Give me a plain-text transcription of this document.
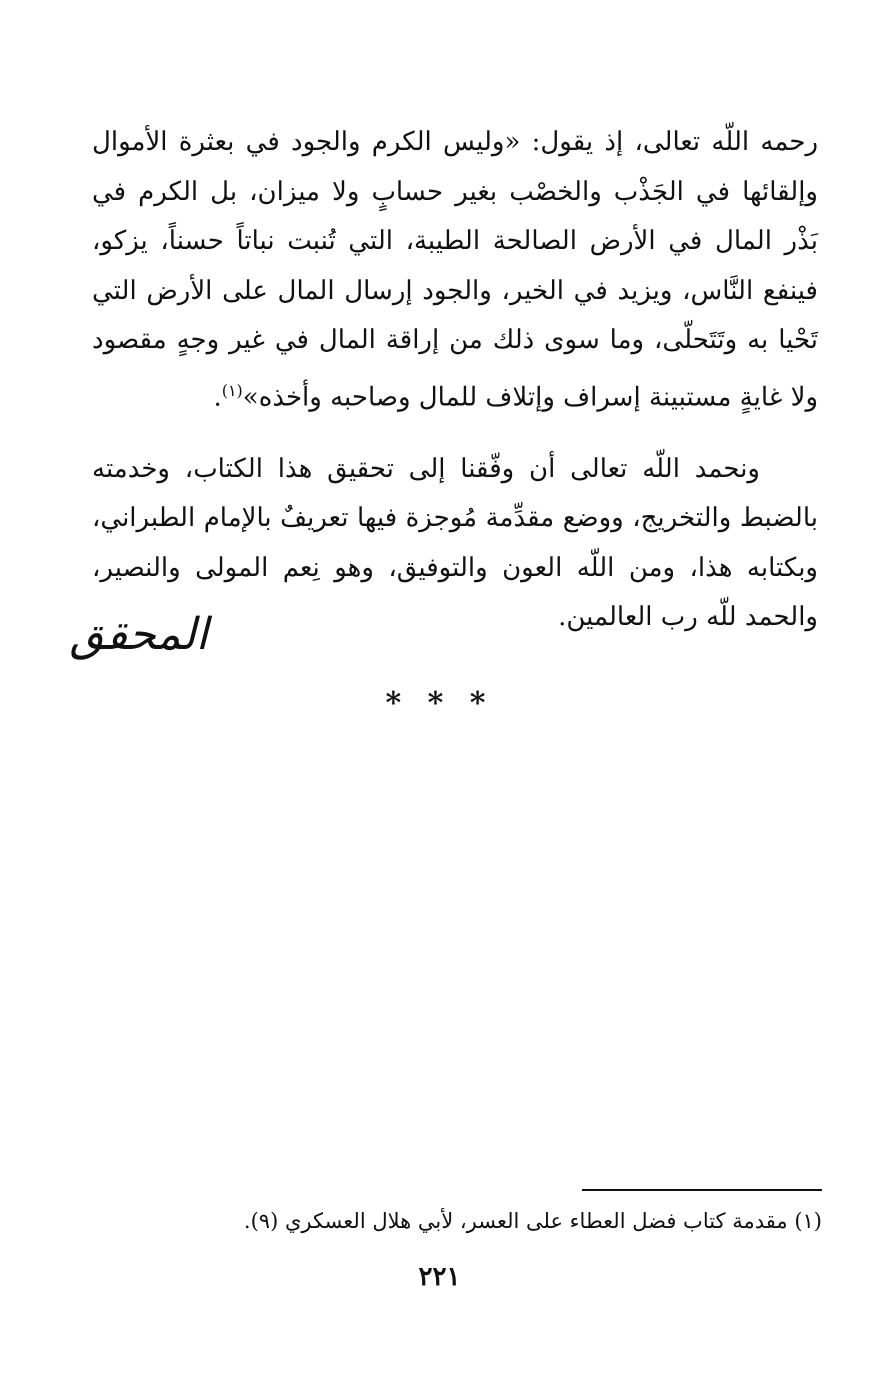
رحمه اللّه تعالى، إذ يقول: «وليس الكرم والجود في بعثرة الأموال وإلقائها في الجَذْب والخصْب بغير حسابٍ ولا ميزان، بل الكرم في بَذْر المال في الأرض الصالحة الطيبة، التي تُنبت نباتاً حسناً، يزكو، فينفع النَّاس، ويزيد في الخير، والجود إرسال المال على الأرض التي تَحْيا به وتَتَحلّى، وما سوى ذلك من إراقة المال في غير وجهٍ مقصود ولا غايةٍ مستبينة إسراف وإتلاف للمال وصاحبه وأخذه»$^{(١)}$.

ونحمد اللّه تعالى أن وفّقنا إلى تحقيق هذا الكتاب، وخدمته بالضبط والتخريج، ووضع مقدِّمة مُوجزة فيها تعريفٌ بالإمام الطبراني، وبكتابه هذا، ومن اللّه العون والتوفيق، وهو نِعم المولى والنصير، والحمد للّه رب العالمين.

المحقق
* * *
(١) مقدمة كتاب فضل العطاء على العسر، لأبي هلال العسكري (٩).
٢٢١
